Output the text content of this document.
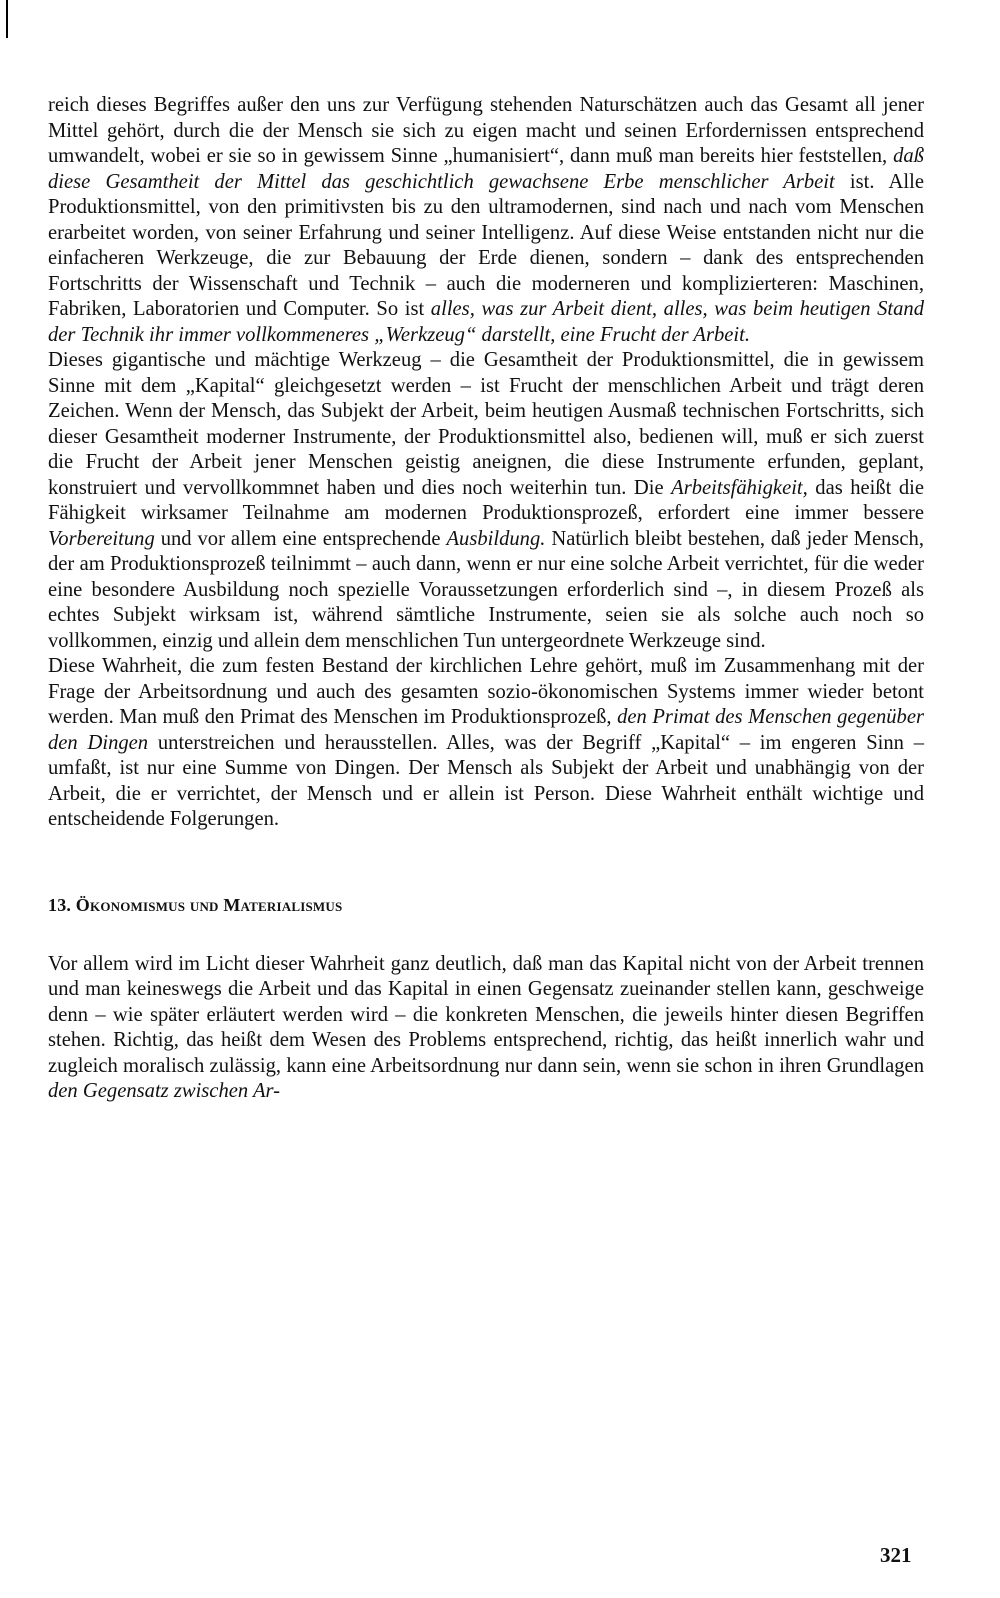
reich dieses Begriffes außer den uns zur Verfügung stehenden Naturschätzen auch das Gesamt all jener Mittel gehört, durch die der Mensch sie sich zu eigen macht und seinen Erfordernissen entsprechend umwandelt, wobei er sie so in gewissem Sinne „humanisiert“, dann muß man bereits hier feststellen, daß diese Gesamtheit der Mittel das geschichtlich gewachsene Erbe menschlicher Arbeit ist. Alle Produktionsmittel, von den primitivsten bis zu den ultramodernen, sind nach und nach vom Menschen erarbeitet worden, von seiner Erfahrung und seiner Intelligenz. Auf diese Weise entstanden nicht nur die einfacheren Werkzeuge, die zur Bebauung der Erde dienen, sondern – dank des entsprechenden Fortschritts der Wissenschaft und Technik – auch die moderneren und komplizierteren: Maschinen, Fabriken, Laboratorien und Computer. So ist alles, was zur Arbeit dient, alles, was beim heutigen Stand der Technik ihr immer vollkommeneres „Werkzeug“ darstellt, eine Frucht der Arbeit.

Dieses gigantische und mächtige Werkzeug – die Gesamtheit der Produktionsmittel, die in gewissem Sinne mit dem „Kapital“ gleichgesetzt werden – ist Frucht der menschlichen Arbeit und trägt deren Zeichen. Wenn der Mensch, das Subjekt der Arbeit, beim heutigen Ausmaß technischen Fortschritts, sich dieser Gesamtheit moderner Instrumente, der Produktionsmittel also, bedienen will, muß er sich zuerst die Frucht der Arbeit jener Menschen geistig aneignen, die diese Instrumente erfunden, geplant, konstruiert und vervollkommnet haben und dies noch weiterhin tun. Die Arbeitsfähigkeit, das heißt die Fähigkeit wirksamer Teilnahme am modernen Produktionsprozeß, erfordert eine immer bessere Vorbereitung und vor allem eine entsprechende Ausbildung. Natürlich bleibt bestehen, daß jeder Mensch, der am Produktionsprozeß teilnimmt – auch dann, wenn er nur eine solche Arbeit verrichtet, für die weder eine besondere Ausbildung noch spezielle Voraussetzungen erforderlich sind –, in diesem Prozeß als echtes Subjekt wirksam ist, während sämtliche Instrumente, seien sie als solche auch noch so vollkommen, einzig und allein dem menschlichen Tun untergeordnete Werkzeuge sind.

Diese Wahrheit, die zum festen Bestand der kirchlichen Lehre gehört, muß im Zusammenhang mit der Frage der Arbeitsordnung und auch des gesamten sozio-ökonomischen Systems immer wieder betont werden. Man muß den Primat des Menschen im Produktionsprozeß, den Primat des Menschen gegenüber den Dingen unterstreichen und herausstellen. Alles, was der Begriff „Kapital“ – im engeren Sinn – umfaßt, ist nur eine Summe von Dingen. Der Mensch als Subjekt der Arbeit und unabhängig von der Arbeit, die er verrichtet, der Mensch und er allein ist Person. Diese Wahrheit enthält wichtige und entscheidende Folgerungen.

13. Ökonomismus und Materialismus

Vor allem wird im Licht dieser Wahrheit ganz deutlich, daß man das Kapital nicht von der Arbeit trennen und man keineswegs die Arbeit und das Kapital in einen Gegensatz zueinander stellen kann, geschweige denn – wie später erläutert werden wird – die konkreten Menschen, die jeweils hinter diesen Begriffen stehen. Richtig, das heißt dem Wesen des Problems entsprechend, richtig, das heißt innerlich wahr und zugleich moralisch zulässig, kann eine Arbeitsordnung nur dann sein, wenn sie schon in ihren Grundlagen den Gegensatz zwischen Ar-

321
